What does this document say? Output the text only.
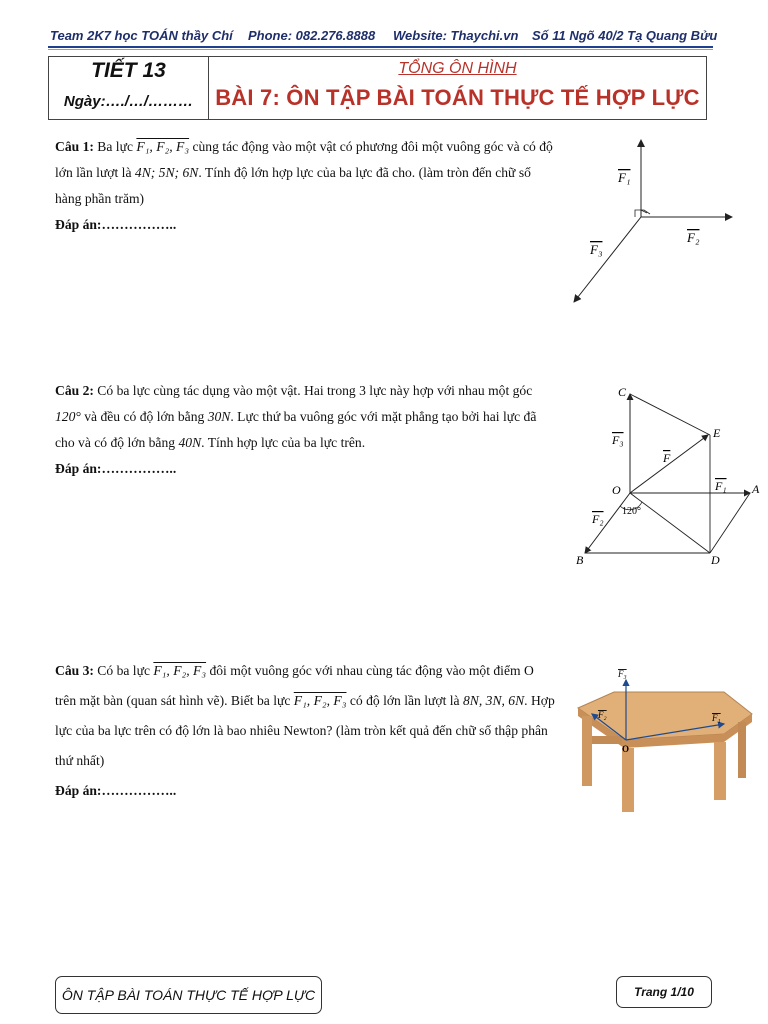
Team 2K7 học TOÁN thầy Chí Phone: 082.276.8888 Website: Thaychi.vn Số 11 Ngõ 40/2 Tạ Quang Bửu
TIẾT 13
Ngày:…./…/………
TỔNG ÔN HÌNH
BÀI 7: ÔN TẬP BÀI TOÁN THỰC TẾ HỢP LỰC
Câu 1: Ba lực F₁, F₂, F₃ cùng tác động vào một vật có phương đôi một vuông góc và có độ lớn lần lượt là 4N; 5N; 6N. Tính độ lớn hợp lực của ba lực đã cho. (làm tròn đến chữ số hàng phần trăm)
Đáp án:……………..
F₁
F₂
F₃
Câu 2: Có ba lực cùng tác dụng vào một vật. Hai trong 3 lực này hợp với nhau một góc 120° và đều có độ lớn bằng 30N. Lực thứ ba vuông góc với mặt phẳng tạo bởi hai lực đã cho và có độ lớn bằng 40N. Tính hợp lực của ba lực trên.
Đáp án:……………..
C
E
O	A
B	D
F
F₁
F₂
F₃
120°
Câu 3: Có ba lực F₁, F₂, F₃ đôi một vuông góc với nhau cùng tác động vào một điểm O trên mặt bàn (quan sát hình vẽ). Biết ba lực F₁, F₂, F₃ có độ lớn lần lượt là 8N, 3N, 6N. Hợp lực của ba lực trên có độ lớn là bao nhiêu Newton? (làm tròn kết quả đến chữ số thập phân thứ nhất)
Đáp án:……………..
F₃
F₁
F₂
O
ÔN TẬP BÀI TOÁN THỰC TẾ HỢP LỰC	Trang 1/10
